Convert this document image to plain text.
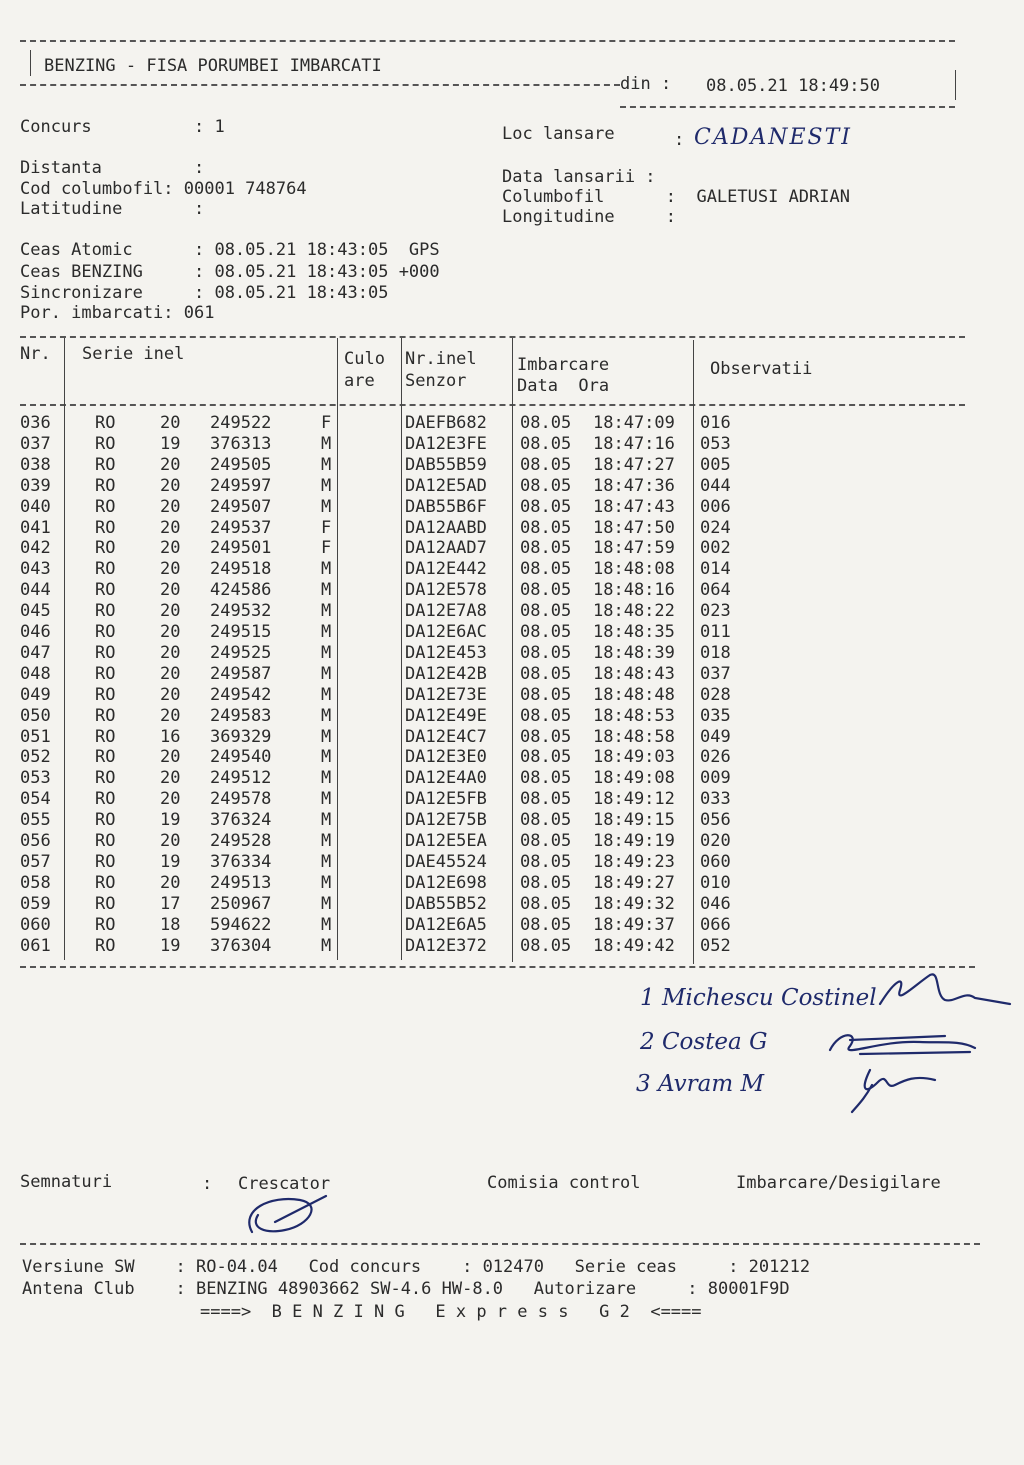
BENZING - FISA PORUMBEI IMBARCATI
din : 08.05.21 18:49:50
Concurs          : 1	Loc lansare	: CADANESTI
Distanta         :
Cod columbofil: 00001 748764
Latitudine       :
Data lansarii :
Columbofil      :  GALETUSI ADRIAN
Longitudine     :
Ceas Atomic      : 08.05.21 18:43:05  GPS
Ceas BENZING     : 08.05.21 18:43:05 +000
Sincronizare     : 08.05.21 18:43:05
Por. imbarcati: 061
Nr. Serie inel	Culo
are
Nr.inel
Senzor
Imbarcare
Data  Ora
Observatii
036	RO	20 249522	F	DAEFB682 08.05 18:47:09 016
037	RO	19 376313	M	DA12E3FE 08.05 18:47:16 053
038	RO	20 249505	M	DAB55B59 08.05 18:47:27 005
039	RO	20 249597	M	DA12E5AD 08.05 18:47:36 044
040	RO	20 249507	M	DAB55B6F 08.05 18:47:43 006
041	RO	20 249537	F	DA12AABD 08.05 18:47:50 024
042	RO	20 249501	F	DA12AAD7 08.05 18:47:59 002
043	RO	20 249518	M	DA12E442 08.05 18:48:08 014
044	RO	20 424586	M	DA12E578 08.05 18:48:16 064
045	RO	20 249532	M	DA12E7A8 08.05 18:48:22 023
046	RO	20 249515	M	DA12E6AC 08.05 18:48:35 011
047	RO	20 249525	M	DA12E453 08.05 18:48:39 018
048	RO	20 249587	M	DA12E42B 08.05 18:48:43 037
049	RO	20 249542	M	DA12E73E 08.05 18:48:48 028
050	RO	20 249583	M	DA12E49E 08.05 18:48:53 035
051	RO	16 369329	M	DA12E4C7 08.05 18:48:58 049
052	RO	20 249540	M	DA12E3E0 08.05 18:49:03 026
053	RO	20 249512	M	DA12E4A0 08.05 18:49:08 009
054	RO	20 249578	M	DA12E5FB 08.05 18:49:12 033
055	RO	19 376324	M	DA12E75B 08.05 18:49:15 056
056	RO	20 249528	M	DA12E5EA 08.05 18:49:19 020
057	RO	19 376334	M	DAE45524 08.05 18:49:23 060
058	RO	20 249513	M	DA12E698 08.05 18:49:27 010
059	RO	17 250967	M	DAB55B52 08.05 18:49:32 046
060	RO	18 594622	M	DA12E6A5 08.05 18:49:37 066
061	RO	19 376304	M	DA12E372 08.05 18:49:42 052
1 Michescu Costinel
2 Costea G
3 Avram M
Semnaturi	: Crescator	Comisia control	Imbarcare/Desigilare
Versiune SW    : RO-04.04   Cod concurs    : 012470   Serie ceas     : 201212
Antena Club    : BENZING 48903662 SW-4.6 HW-8.0   Autorizare     : 80001F9D
====>  B E N Z I N G   E x p r e s s   G 2  <====
